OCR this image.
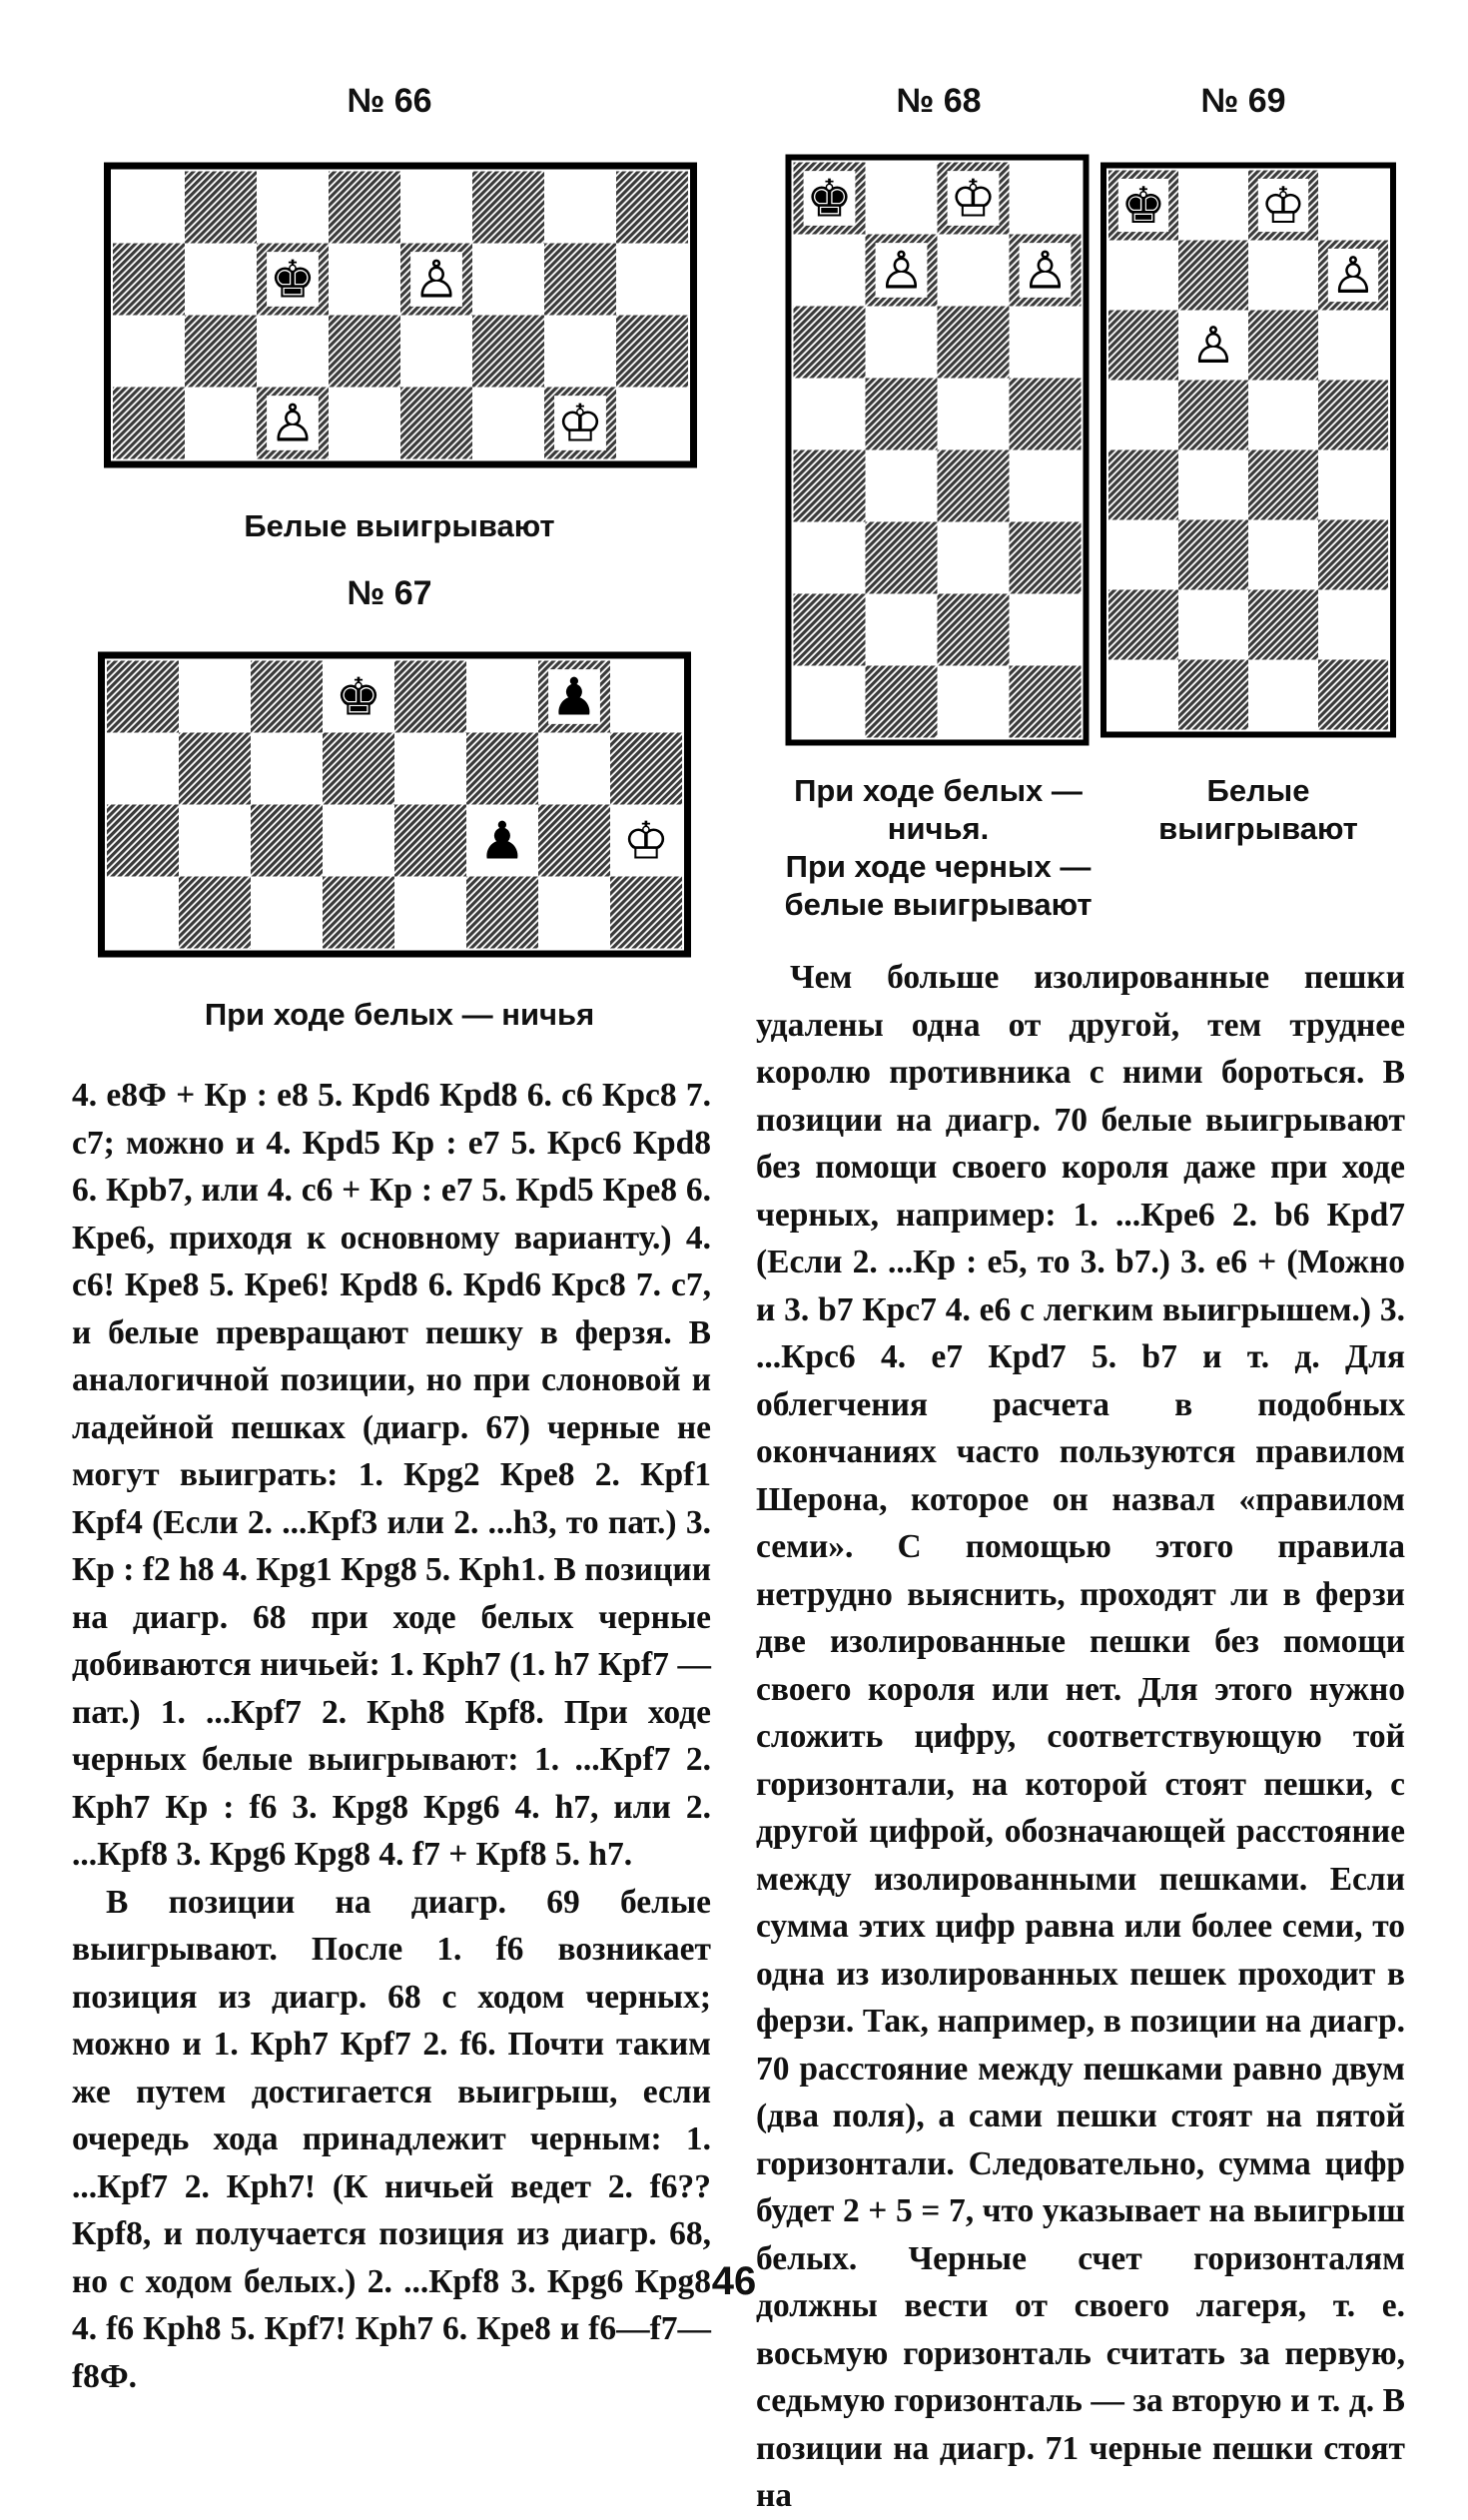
№ 66
♚ ♙
♙	♔
Белые выигрывают
№ 67
♚	♟
♟ ♔
При ходе белых — ничья
№ 68
♚ ♔
♙ ♙
При ходе белых —
ничья.
При ходе черных —
белые выигрывают
№ 69
♚ ♔
♙
♙
Белые
выигрывают

4. e8Ф + Кр : e8 5. Крd6 Крd8 6. c6 Крc8 7. c7; можно и 4. Крd5 Кр : e7 5. Крc6 Крd8 6. Крb7, или 4. c6 + Кр : e7 5. Крd5 Крe8 6. Крe6, приходя к основному варианту.) 4. c6! Крe8 5. Крe6! Крd8 6. Крd6 Крc8 7. c7, и белые превращают пешку в ферзя. В аналогичной позиции, но при слоновой и ладейной пешках (диагр. 67) черные не могут выиграть: 1. Крg2 Крe8 2. Крf1 Крf4 (Если 2. ...Крf3 или 2. ...h3, то пат.) 3. Кр : f2 h8 4. Крg1 Крg8 5. Крh1. В позиции на диагр. 68 при ходе белых черные добиваются ничьей: 1. Крh7 (1. h7 Крf7 — пат.) 1. ...Крf7 2. Крh8 Крf8. При ходе черных белые выигрывают: 1. ...Крf7 2. Крh7 Кр : f6 3. Крg8 Крg6 4. h7, или 2. ...Крf8 3. Крg6 Крg8 4. f7 + Крf8 5. h7.

В позиции на диагр. 69 белые выигрывают. После 1. f6 возникает позиция из диагр. 68 с ходом черных; можно и 1. Крh7 Крf7 2. f6. Почти таким же путем достигается выигрыш, если очередь хода принадлежит черным: 1. ...Крf7 2. Крh7! (К ничьей ведет 2. f6?? Крf8, и получается позиция из диагр. 68, но с ходом белых.) 2. ...Крf8 3. Крg6 Крg8 4. f6 Крh8 5. Крf7! Крh7 6. Крe8 и f6—f7—f8Ф.

Чем больше изолированные пешки удалены одна от другой, тем труднее королю противника с ними бороться. В позиции на диагр. 70 белые выигрывают без помощи своего короля даже при ходе черных, например: 1. ...Крe6 2. b6 Крd7 (Если 2. ...Кр : e5, то 3. b7.) 3. e6 + (Можно и 3. b7 Крc7 4. e6 с легким выигрышем.) 3. ...Крc6 4. e7 Крd7 5. b7 и т. д. Для облегчения расчета в подобных окончаниях часто пользуются правилом Шерона, которое он назвал «правилом семи». С помощью этого правила нетрудно выяснить, проходят ли в ферзи две изолированные пешки без помощи своего короля или нет. Для этого нужно сложить цифру, соответствующую той горизонтали, на которой стоят пешки, с другой цифрой, обозначающей расстояние между изолированными пешками. Если сумма этих цифр равна или более семи, то одна из изолированных пешек проходит в ферзи. Так, например, в позиции на диагр. 70 расстояние между пешками равно двум (два поля), а сами пешки стоят на пятой горизонтали. Следовательно, сумма цифр будет 2 + 5 = 7, что указывает на выигрыш белых. Черные счет горизонталям должны вести от своего лагеря, т. е. восьмую горизонталь считать за первую, седьмую горизонталь — за вторую и т. д. В позиции на диагр. 71 черные пешки стоят на

46
